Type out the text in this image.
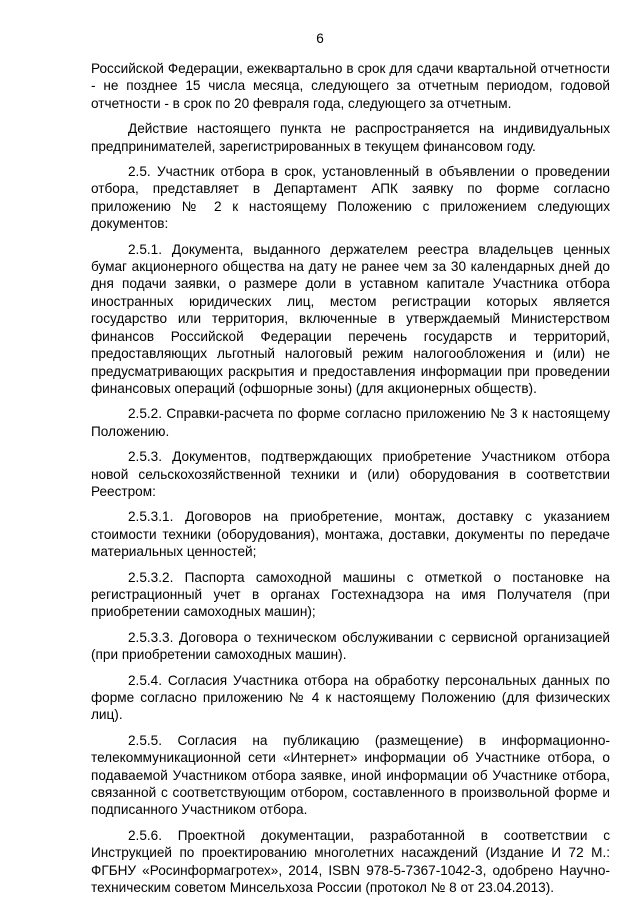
6

Российской Федерации, ежеквартально в срок для сдачи квартальной отчетности - не позднее 15 числа месяца, следующего за отчетным периодом, годовой отчетности - в срок по 20 февраля года, следующего за отчетным.

Действие настоящего пункта не распространяется на индивидуальных предпринимателей, зарегистрированных в текущем финансовом году.

2.5. Участник отбора в срок, установленный в объявлении о проведении отбора, представляет в Департамент АПК заявку по форме согласно приложению № 2 к настоящему Положению с приложением следующих документов:

2.5.1. Документа, выданного держателем реестра владельцев ценных бумаг акционерного общества на дату не ранее чем за 30 календарных дней до дня подачи заявки, о размере доли в уставном капитале Участника отбора иностранных юридических лиц, местом регистрации которых является государство или территория, включенные в утверждаемый Министерством финансов Российской Федерации перечень государств и территорий, предоставляющих льготный налоговый режим налогообложения и (или) не предусматривающих раскрытия и предоставления информации при проведении финансовых операций (офшорные зоны) (для акционерных обществ).

2.5.2. Справки-расчета по форме согласно приложению № 3 к настоящему Положению.

2.5.3. Документов, подтверждающих приобретение Участником отбора новой сельскохозяйственной техники и (или) оборудования в соответствии Реестром:

2.5.3.1. Договоров на приобретение, монтаж, доставку с указанием стоимости техники (оборудования), монтажа, доставки, документы по передаче материальных ценностей;

2.5.3.2. Паспорта самоходной машины с отметкой о постановке на регистрационный учет в органах Гостехнадзора на имя Получателя (при приобретении самоходных машин);

2.5.3.3. Договора о техническом обслуживании с сервисной организацией (при приобретении самоходных машин).

2.5.4. Согласия Участника отбора на обработку персональных данных по форме согласно приложению № 4 к настоящему Положению (для физических лиц).

2.5.5. Согласия на публикацию (размещение) в информационно-телекоммуникационной сети «Интернет» информации об Участнике отбора, о подаваемой Участником отбора заявке, иной информации об Участнике отбора, связанной с соответствующим отбором, составленного в произвольной форме и подписанного Участником отбора.

2.5.6. Проектной документации, разработанной в соответствии с Инструкцией по проектированию многолетних насаждений (Издание И 72 М.: ФГБНУ «Росинформагротех», 2014, ISBN 978-5-7367-1042-3, одобрено Научно-техническим советом Минсельхоза России (протокол № 8 от 23.04.2013).
